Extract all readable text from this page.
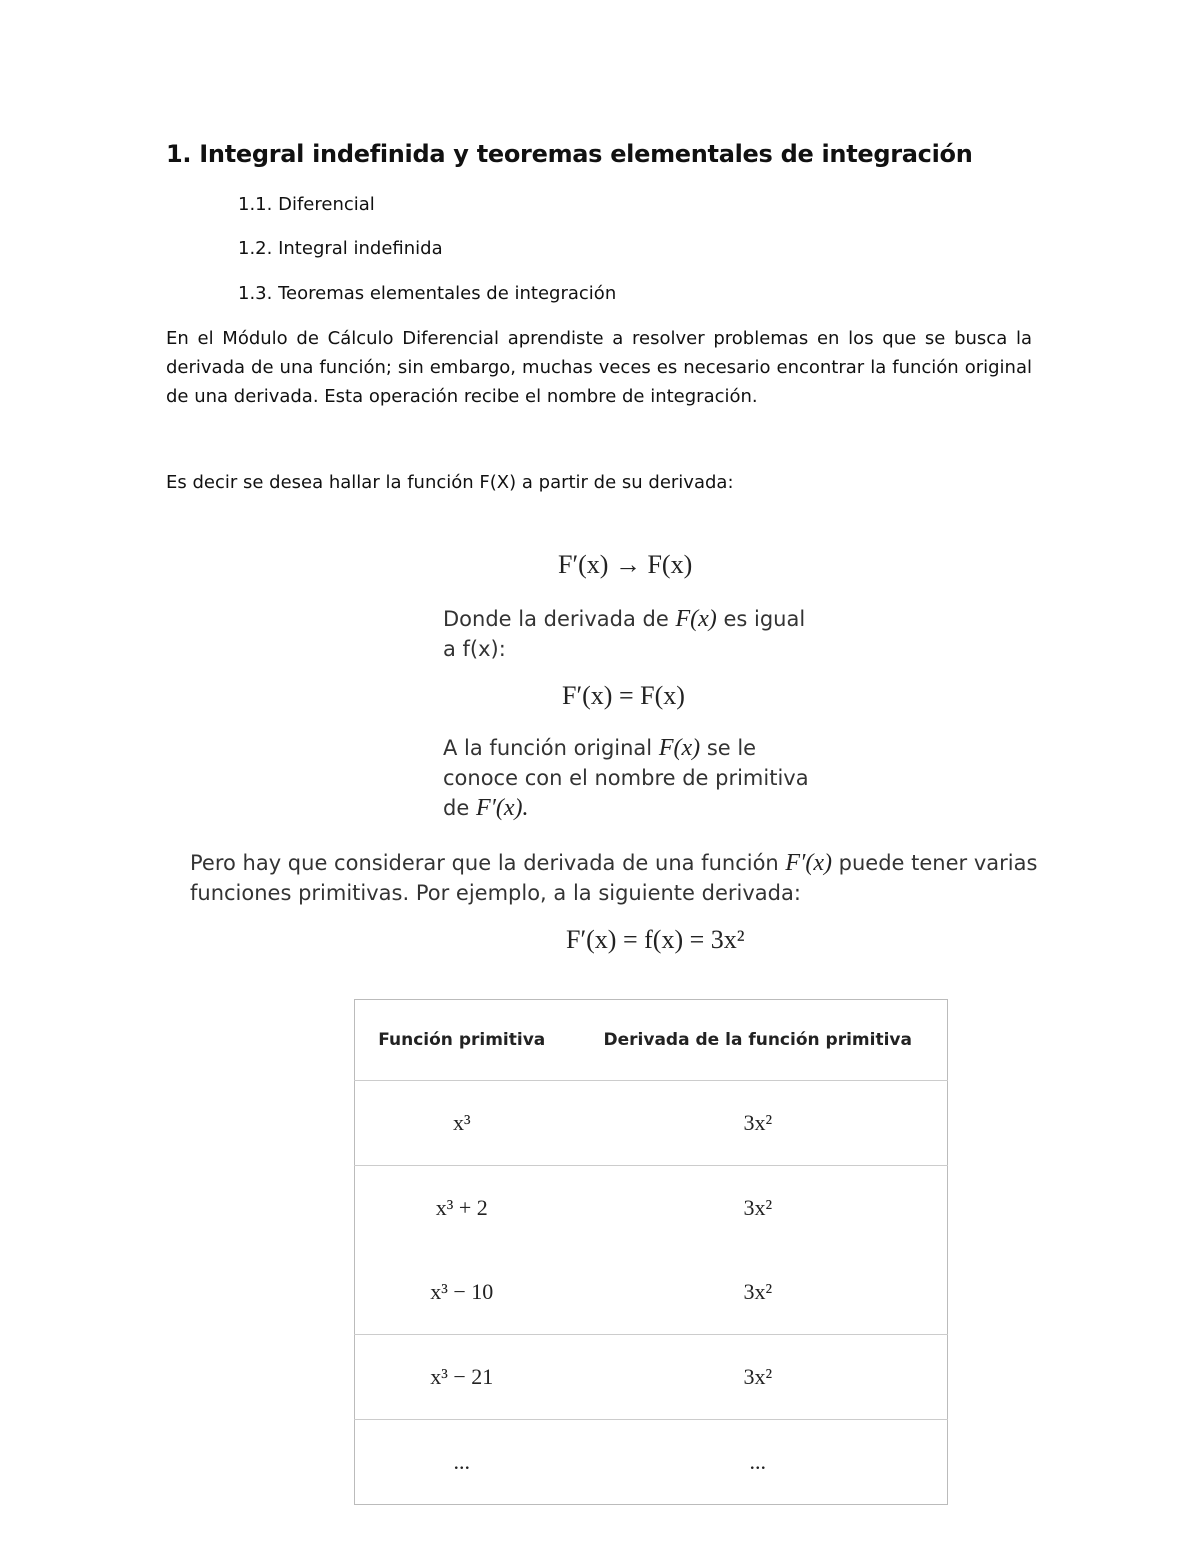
1. Integral indefinida y teoremas elementales de integración
1.1. Diferencial
1.2. Integral indefinida
1.3. Teoremas elementales de integración
En el Módulo de Cálculo Diferencial aprendiste a resolver problemas en los que se busca la derivada de una función; sin embargo, muchas veces es necesario encontrar la función original de una derivada. Esta operación recibe el nombre de integración.
Es decir se desea hallar la función F(X) a partir de su derivada:
F′(x) → F(x)
Donde la derivada de F(x) es igual
a f(x):
F′(x) = F(x)
A la función original F(x) se le
conoce con el nombre de primitiva
de F′(x).
Pero hay que considerar que la derivada de una función F′(x) puede tener varias
funciones primitivas. Por ejemplo, a la siguiente derivada:
F′(x) = f(x) = 3x²
Función primitiva	Derivada de la función primitiva
x³	3x²
x³ + 2	3x²
x³ − 10	3x²
x³ − 21	3x²
...	...
